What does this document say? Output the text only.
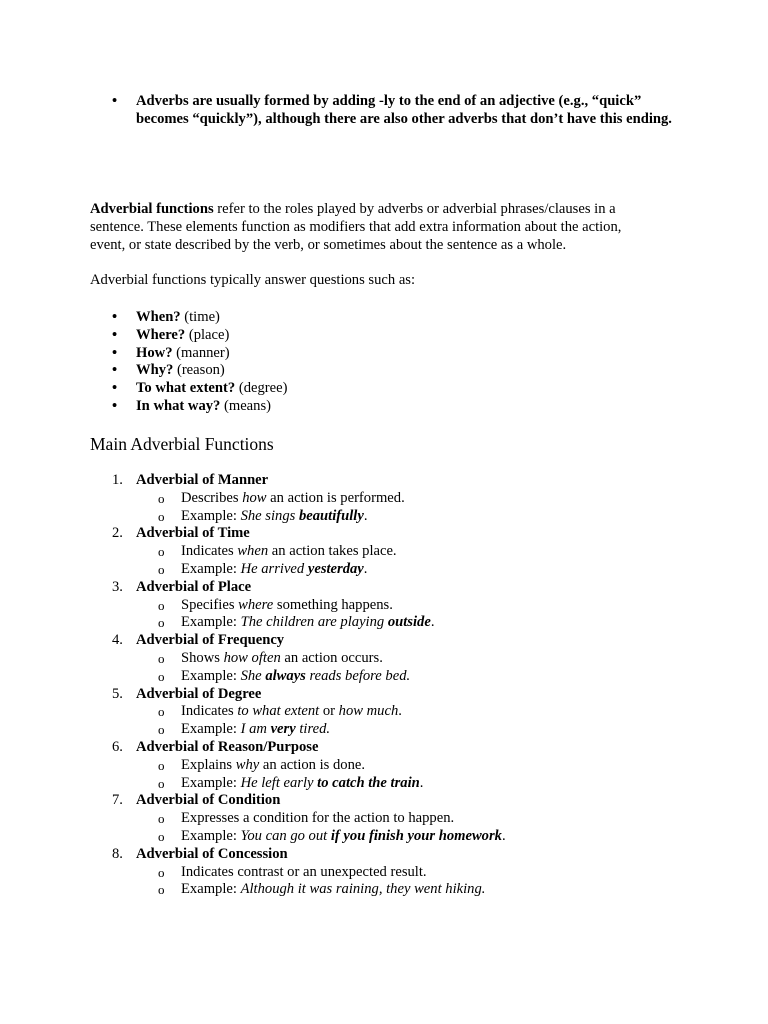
• Adverbs are usually formed by adding -ly to the end of an adjective (e.g., “quick” becomes “quickly”), although there are also other adverbs that don’t have this ending.

Adverbial functions refer to the roles played by adverbs or adverbial phrases/clauses in a sentence. These elements function as modifiers that add extra information about the action, event, or state described by the verb, or sometimes about the sentence as a whole.

Adverbial functions typically answer questions such as:

• When? (time)
• Where? (place)
• How? (manner)
• Why? (reason)
• To what extent? (degree)
• In what way? (means)
Main Adverbial Functions
1. Adverbial of Manner
o Describes how an action is performed.
o Example: She sings beautifully.
2. Adverbial of Time
o Indicates when an action takes place.
o Example: He arrived yesterday.
3. Adverbial of Place
o Specifies where something happens.
o Example: The children are playing outside.
4. Adverbial of Frequency
o Shows how often an action occurs.
o Example: She always reads before bed.
5. Adverbial of Degree
o Indicates to what extent or how much.
o Example: I am very tired.
6. Adverbial of Reason/Purpose
o Explains why an action is done.
o Example: He left early to catch the train.
7. Adverbial of Condition
o Expresses a condition for the action to happen.
o Example: You can go out if you finish your homework.
8. Adverbial of Concession
o Indicates contrast or an unexpected result.
o Example: Although it was raining, they went hiking.
